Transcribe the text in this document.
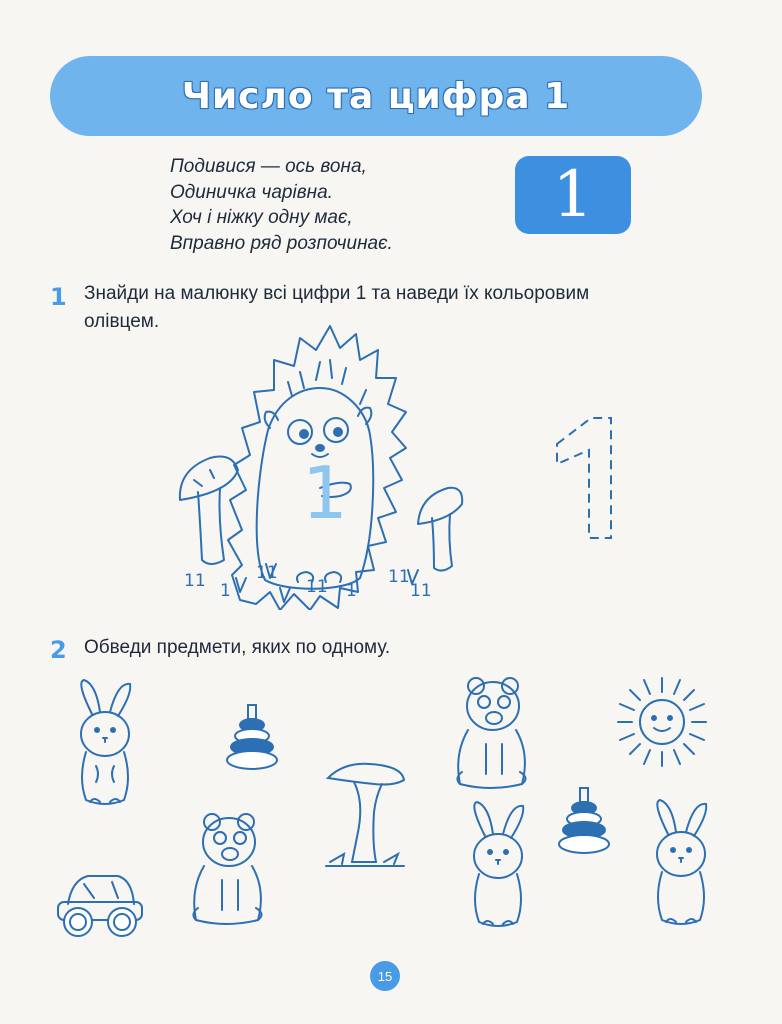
Число та цифра 1
Подивися — ось вона,
Одиничка чарівна.
Хоч і ніжку одну має,
Вправно ряд розпочинає.
1
1 Знайди на малюнку всі цифри 1 та наведи їх кольоровим
олівцем.
1
11 1
11
11 1
11
11
2 Обведи предмети, яких по одному.
15
